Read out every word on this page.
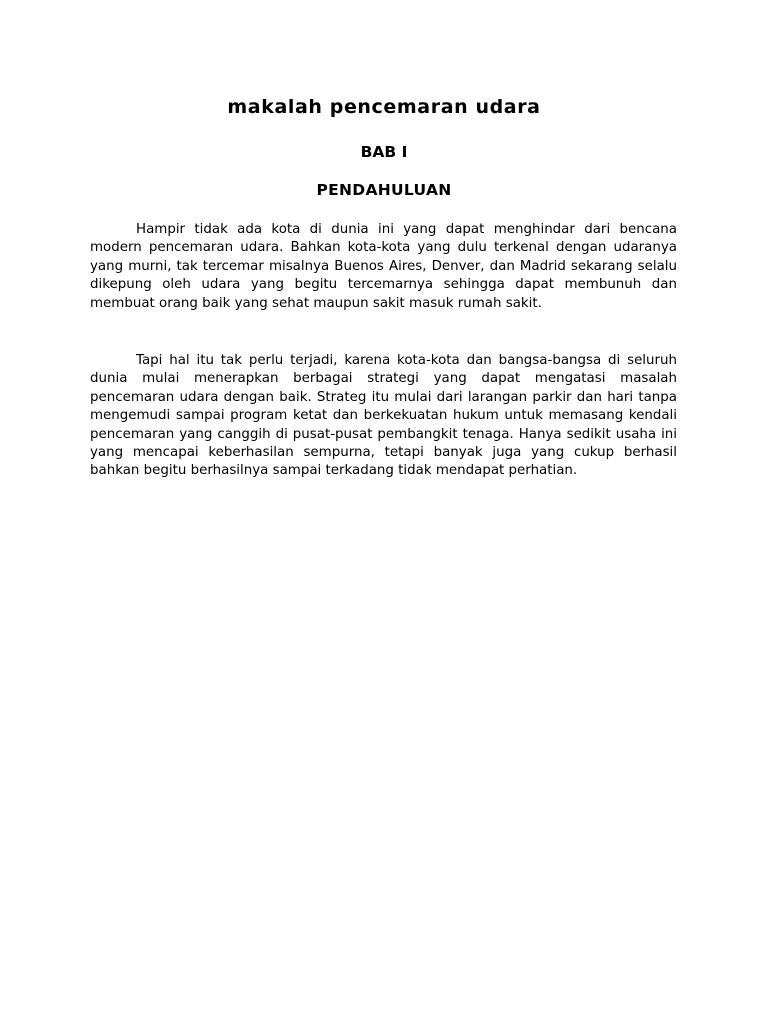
makalah pencemaran udara
BAB I
PENDAHULUAN

Hampir tidak ada kota di dunia ini yang dapat menghindar dari bencana modern pencemaran udara. Bahkan kota-kota yang dulu terkenal dengan udaranya yang murni, tak tercemar misalnya Buenos Aires, Denver, dan Madrid sekarang selalu dikepung oleh udara yang begitu tercemarnya sehingga dapat membunuh dan membuat orang baik yang sehat maupun sakit masuk rumah sakit.

Tapi hal itu tak perlu terjadi, karena kota-kota dan bangsa-bangsa di seluruh dunia mulai menerapkan berbagai strategi yang dapat mengatasi masalah pencemaran udara dengan baik. Strateg itu mulai dari larangan parkir dan hari tanpa mengemudi sampai program ketat dan berkekuatan hukum untuk memasang kendali pencemaran yang canggih di pusat-pusat pembangkit tenaga. Hanya sedikit usaha ini yang mencapai keberhasilan sempurna, tetapi banyak juga yang cukup berhasil bahkan begitu berhasilnya sampai terkadang tidak mendapat perhatian.
